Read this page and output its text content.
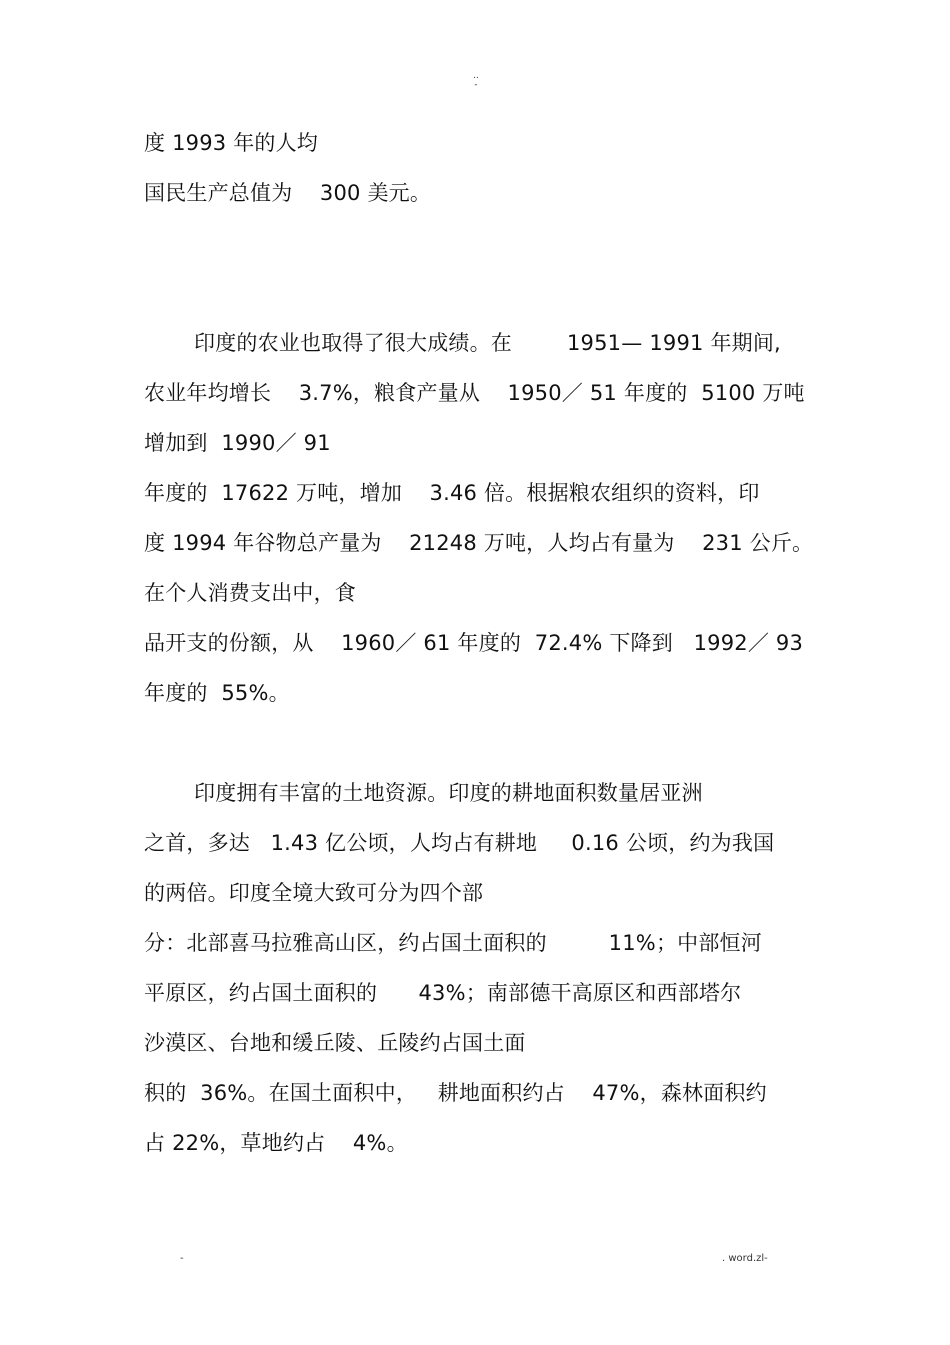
..
-
度 1993 年的人均
国民生产总值为    300 美元。
印度的农业也取得了很大成绩。在        1951— 1991 年期间,
农业年均增长    3.7%，粮食产量从    1950／ 51 年度的  5100 万吨
增加到  1990／ 91
年度的  17622 万吨，增加    3.46 倍。根据粮农组织的资料，印
度 1994 年谷物总产量为    21248 万吨，人均占有量为    231 公斤。
在个人消费支出中，食
品开支的份额，从    1960／ 61 年度的  72.4% 下降到   1992／ 93
年度的  55%。
印度拥有丰富的土地资源。印度的耕地面积数量居亚洲
之首，多达   1.43 亿公顷，人均占有耕地     0.16 公顷，约为我国
的两倍。印度全境大致可分为四个部
分：北部喜马拉雅高山区，约占国土面积的         11%；中部恒河
平原区，约占国土面积的      43%；南部德干高原区和西部塔尔
沙漠区、台地和缓丘陵、丘陵约占国土面
积的  36%。在国土面积中，   耕地面积约占    47%，森林面积约
占 22%，草地约占    4%。
-	. word.zl-
